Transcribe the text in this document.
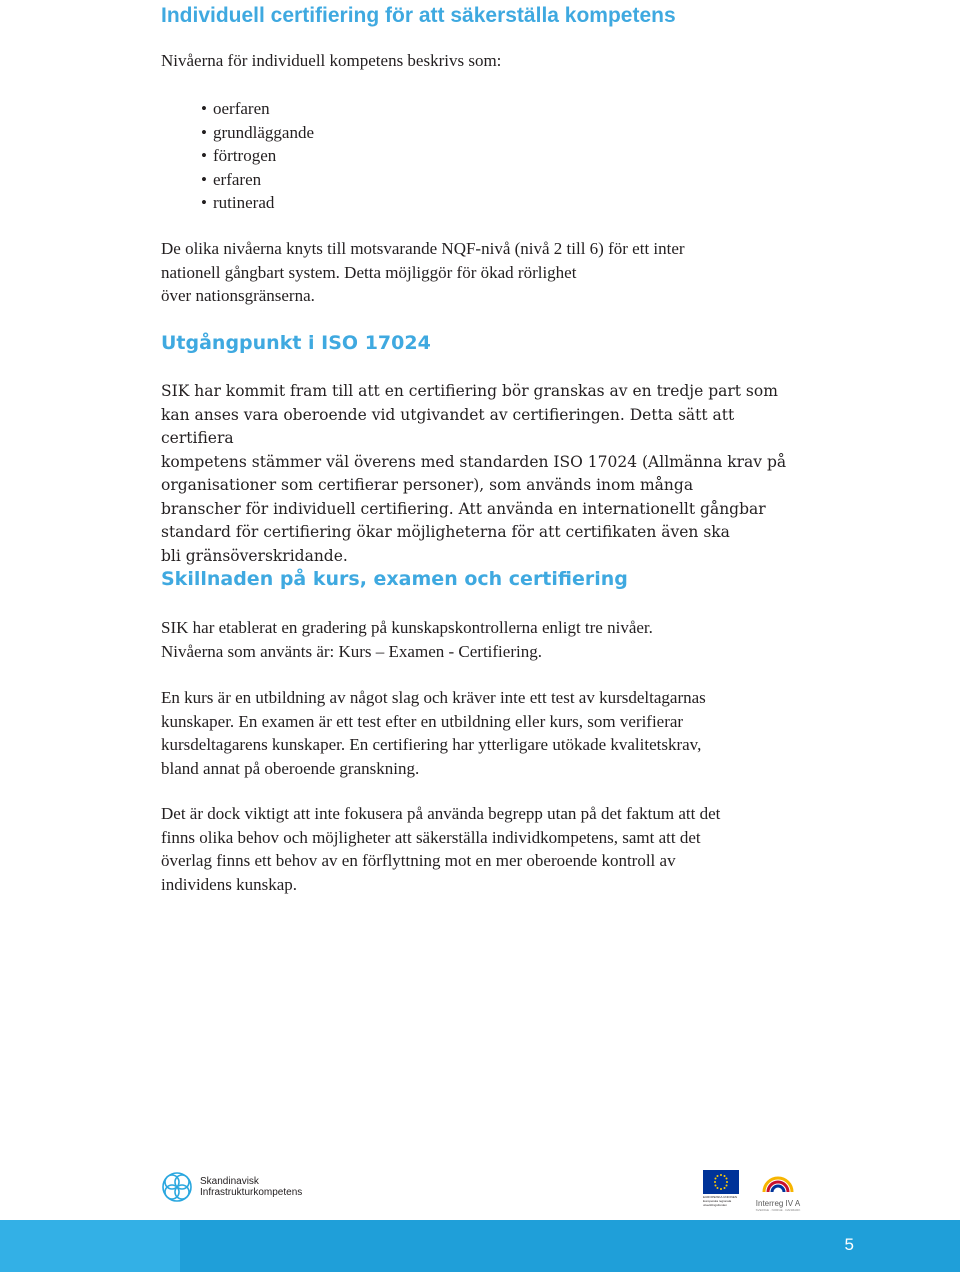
Individuell certifiering för att säkerställa kompetens

Nivåerna för individuell kompetens beskrivs som:

• oerfaren
• grundläggande
• förtrogen
• erfaren
• rutinerad
De olika nivåerna knyts till motsvarande NQF-nivå (nivå 2 till 6) för ett inter
nationell gångbart system. Detta möjliggör för ökad rörlighet
över nationsgränserna.
Utgångpunkt i ISO 17024
SIK har kommit fram till att en certifiering bör granskas av en tredje part som
kan anses vara oberoende vid utgivandet av certifieringen. Detta sätt att certifiera
kompetens stämmer väl överens med standarden ISO 17024 (Allmänna krav på
organisationer som certifierar personer), som används inom många
branscher för individuell certifiering. Att använda en internationellt gångbar
standard för certifiering ökar möjligheterna för att certifikaten även ska
bli gränsöverskridande.
Skillnaden på kurs, examen och certifiering
SIK har etablerat en gradering på kunskapskontrollerna enligt tre nivåer.
Nivåerna som använts är: Kurs – Examen - Certifiering.
En kurs är en utbildning av något slag och kräver inte ett test av kursdeltagarnas
kunskaper. En examen är ett test efter en utbildning eller kurs, som verifierar
kursdeltagarens kunskaper. En certifiering har ytterligare utökade kvalitetskrav,
bland annat på oberoende granskning.
Det är dock viktigt att inte fokusera på använda begrepp utan på det faktum att det
finns olika behov och möjligheter att säkerställa individkompetens, samt att det
överlag finns ett behov av en förflyttning mot en mer oberoende kontroll av
individens kunskap.
Skandinavisk
Infrastrukturkompetens	EUROPEISKA UNIONEN Europeiska regionala utvecklingsfonden	Interreg IV A
SVERIGE · NORGE · DANMARK
5
